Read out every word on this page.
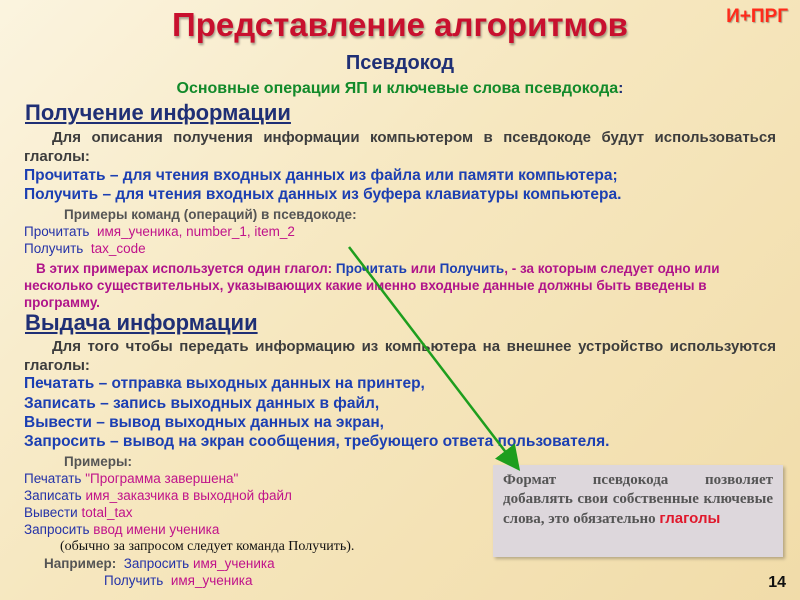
Представление алгоритмов	И+ПРГ
Псевдокод
Основные операции ЯП и ключевые слова псевдокода:
Получение информации
Для описания получения информации компьютером в псевдокоде будут использоваться глаголы:
Прочитать – для чтения входных данных из файла или памяти компьютера;
Получить – для чтения входных данных из буфера клавиатуры компьютера.
Примеры команд (операций) в псевдокоде:
Прочитать имя_ученика, number_1, item_2
Получить tax_code
В этих примерах используется один глагол: Прочитать или Получить, - за которым следует одно или несколько существительных, указывающих какие именно входные данные должны быть введены в программу.
Выдача информации
Для того чтобы передать информацию из компьютера на внешнее устройство используются глаголы:
Печатать – отправка выходных данных на принтер,
Записать – запись выходных данных в файл,
Вывести – вывод выходных данных на экран,
Запросить – вывод на экран сообщения, требующего ответа пользователя.
Примеры:
Печатать "Программа завершена"
Записать имя_заказчика в выходной файл
Вывести total_tax
Запросить ввод имени ученика
(обычно за запросом следует команда Получить).
Например: Запросить имя_ученика
Получить имя_ученика
Формат псевдокода позволяет добавлять свои собственные ключевые слова, это обязательно глаголы
14
